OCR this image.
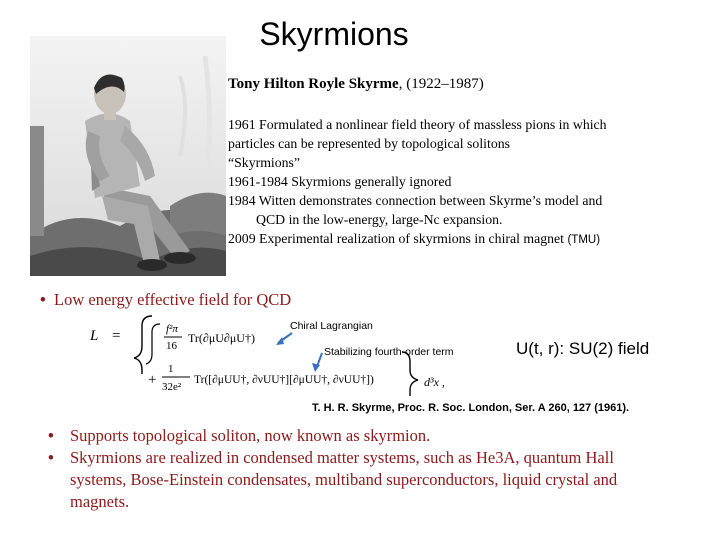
Skyrmions
Tony Hilton Royle Skyrme, (1922–1987)
1961 Formulated a nonlinear field theory of massless pions in which
particles can be represented by topological solitons
“Skyrmions”
1961-1984 Skyrmions generally ignored
1984 Witten demonstrates connection between Skyrme’s model and
QCD in the low-energy, large-Nc expansion.
2009 Experimental realization of skyrmions in chiral magnet (TMU)
• Low energy effective field for QCD
L =	f²π
16
Tr(∂μU∂μU†)
+
1
32e²
Tr([∂μUU†, ∂νUU†][∂μUU†, ∂νUU†])	d³x ,
Chiral Lagrangian
Stabilizing fourth-order term	U(t, r): SU(2) field
T. H. R. Skyrme, Proc. R. Soc. London, Ser. A 260, 127 (1961).
• Supports topological soliton, now known as skyrmion.
• Skyrmions are realized in condensed matter systems, such as He3A, quantum Hall systems, Bose-Einstein condensates, multiband superconductors, liquid crystal and magnets.
